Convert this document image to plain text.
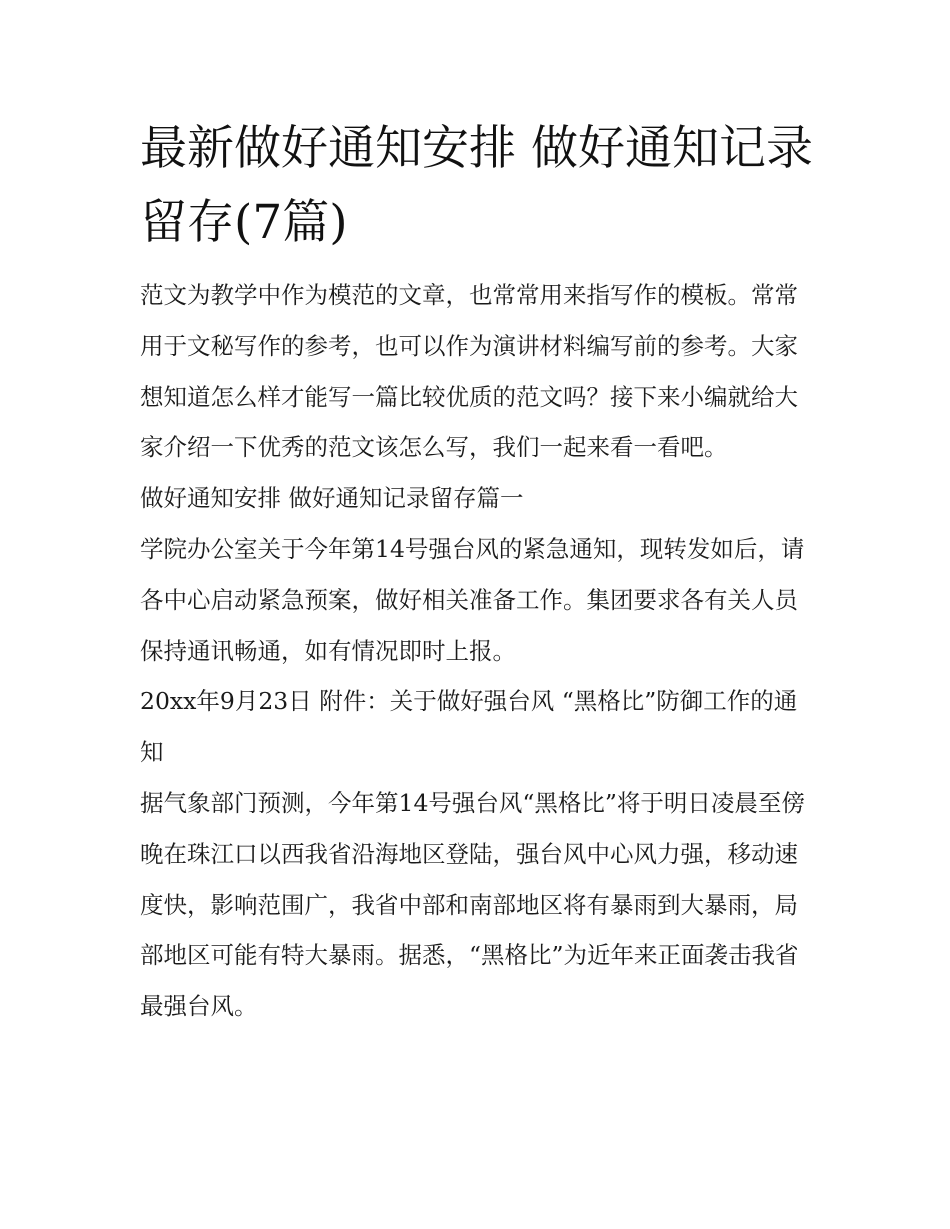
最新做好通知安排 做好通知记录留存(7篇)

范文为教学中作为模范的文章，也常常用来指写作的模板。常常用于文秘写作的参考，也可以作为演讲材料编写前的参考。大家想知道怎么样才能写一篇比较优质的范文吗？接下来小编就给大家介绍一下优秀的范文该怎么写，我们一起来看一看吧。

做好通知安排 做好通知记录留存篇一

学院办公室关于今年第14号强台风的紧急通知，现转发如后，请各中心启动紧急预案，做好相关准备工作。集团要求各有关人员保持通讯畅通，如有情况即时上报。

20xx年9月23日 附件：关于做好强台风 “黑格比”防御工作的通知

据气象部门预测，今年第14号强台风“黑格比”将于明日凌晨至傍晚在珠江口以西我省沿海地区登陆，强台风中心风力强，移动速度快，影响范围广，我省中部和南部地区将有暴雨到大暴雨，局部地区可能有特大暴雨。据悉，“黑格比”为近年来正面袭击我省最强台风。
